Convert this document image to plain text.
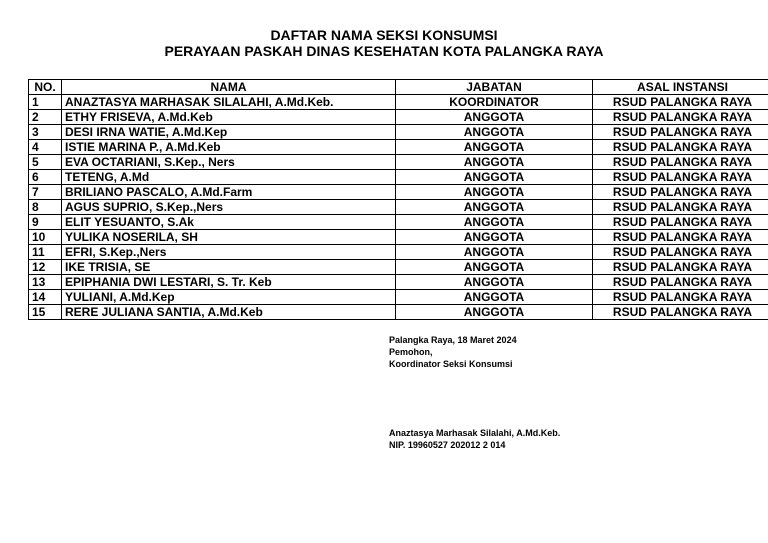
DAFTAR NAMA SEKSI KONSUMSI
PERAYAAN PASKAH DINAS KESEHATAN KOTA PALANGKA RAYA
NO.	NAMA	JABATAN	ASAL INSTANSI
1	ANAZTASYA MARHASAK SILALAHI, A.Md.Keb.	KOORDINATOR	RSUD PALANGKA RAYA
2	ETHY FRISEVA, A.Md.Keb	ANGGOTA	RSUD PALANGKA RAYA
3	DESI IRNA WATIE, A.Md.Kep	ANGGOTA	RSUD PALANGKA RAYA
4	ISTIE MARINA P., A.Md.Keb	ANGGOTA	RSUD PALANGKA RAYA
5	EVA OCTARIANI, S.Kep., Ners	ANGGOTA	RSUD PALANGKA RAYA
6	TETENG, A.Md	ANGGOTA	RSUD PALANGKA RAYA
7	BRILIANO PASCALO, A.Md.Farm	ANGGOTA	RSUD PALANGKA RAYA
8	AGUS SUPRIO, S.Kep.,Ners	ANGGOTA	RSUD PALANGKA RAYA
9	ELIT YESUANTO, S.Ak	ANGGOTA	RSUD PALANGKA RAYA
10	YULIKA NOSERILA, SH	ANGGOTA	RSUD PALANGKA RAYA
11	EFRI, S.Kep.,Ners	ANGGOTA	RSUD PALANGKA RAYA
12	IKE TRISIA, SE	ANGGOTA	RSUD PALANGKA RAYA
13	EPIPHANIA DWI LESTARI, S. Tr. Keb	ANGGOTA	RSUD PALANGKA RAYA
14	YULIANI, A.Md.Kep	ANGGOTA	RSUD PALANGKA RAYA
15	RERE JULIANA SANTIA, A.Md.Keb	ANGGOTA	RSUD PALANGKA RAYA
Palangka Raya, 18 Maret 2024
Pemohon,
Koordinator Seksi Konsumsi
Anaztasya Marhasak Silalahi, A.Md.Keb.
NIP. 19960527 202012 2 014
